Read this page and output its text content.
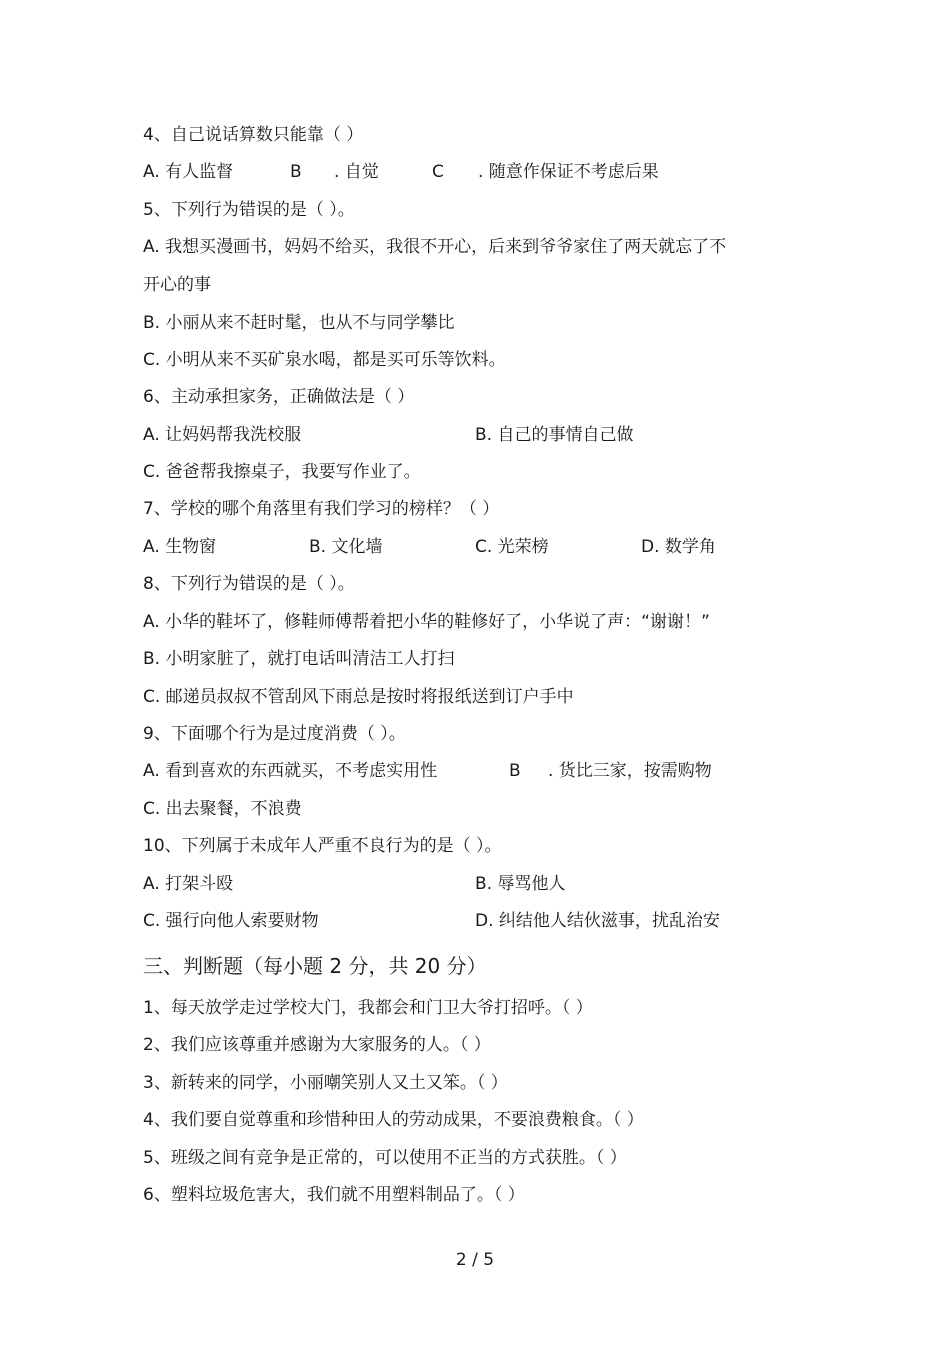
4、自己说话算数只能靠（ ）
A. 有人监督	B . 自觉	C . 随意作保证不考虑后果
5、下列行为错误的是（ ）。
A. 我想买漫画书，妈妈不给买，我很不开心，后来到爷爷家住了两天就忘了不
开心的事
B. 小丽从来不赶时髦，也从不与同学攀比
C. 小明从来不买矿泉水喝，都是买可乐等饮料。
6、主动承担家务，正确做法是（ ）
A. 让妈妈帮我洗校服	B. 自己的事情自己做
C. 爸爸帮我擦桌子，我要写作业了。
7、学校的哪个角落里有我们学习的榜样？（ ）
A. 生物窗	B. 文化墙	C. 光荣榜	D. 数学角
8、下列行为错误的是（ ）。
A. 小华的鞋坏了，修鞋师傅帮着把小华的鞋修好了，小华说了声：“谢谢！”
B. 小明家脏了，就打电话叫清洁工人打扫
C. 邮递员叔叔不管刮风下雨总是按时将报纸送到订户手中
9、下面哪个行为是过度消费（ ）。
A. 看到喜欢的东西就买，不考虑实用性	B . 货比三家，按需购物
C. 出去聚餐，不浪费
10、下列属于未成年人严重不良行为的是（ ）。
A. 打架斗殴	B. 辱骂他人
C. 强行向他人索要财物	D. 纠结他人结伙滋事，扰乱治安
三、判断题（每小题 2 分，共 20 分）
1、每天放学走过学校大门，我都会和门卫大爷打招呼。（ ）
2、我们应该尊重并感谢为大家服务的人。（ ）
3、新转来的同学，小丽嘲笑别人又土又笨。（ ）
4、我们要自觉尊重和珍惜种田人的劳动成果，不要浪费粮食。（ ）
5、班级之间有竞争是正常的，可以使用不正当的方式获胜。（ ）
6、塑料垃圾危害大，我们就不用塑料制品了。（ ）
2 / 5
